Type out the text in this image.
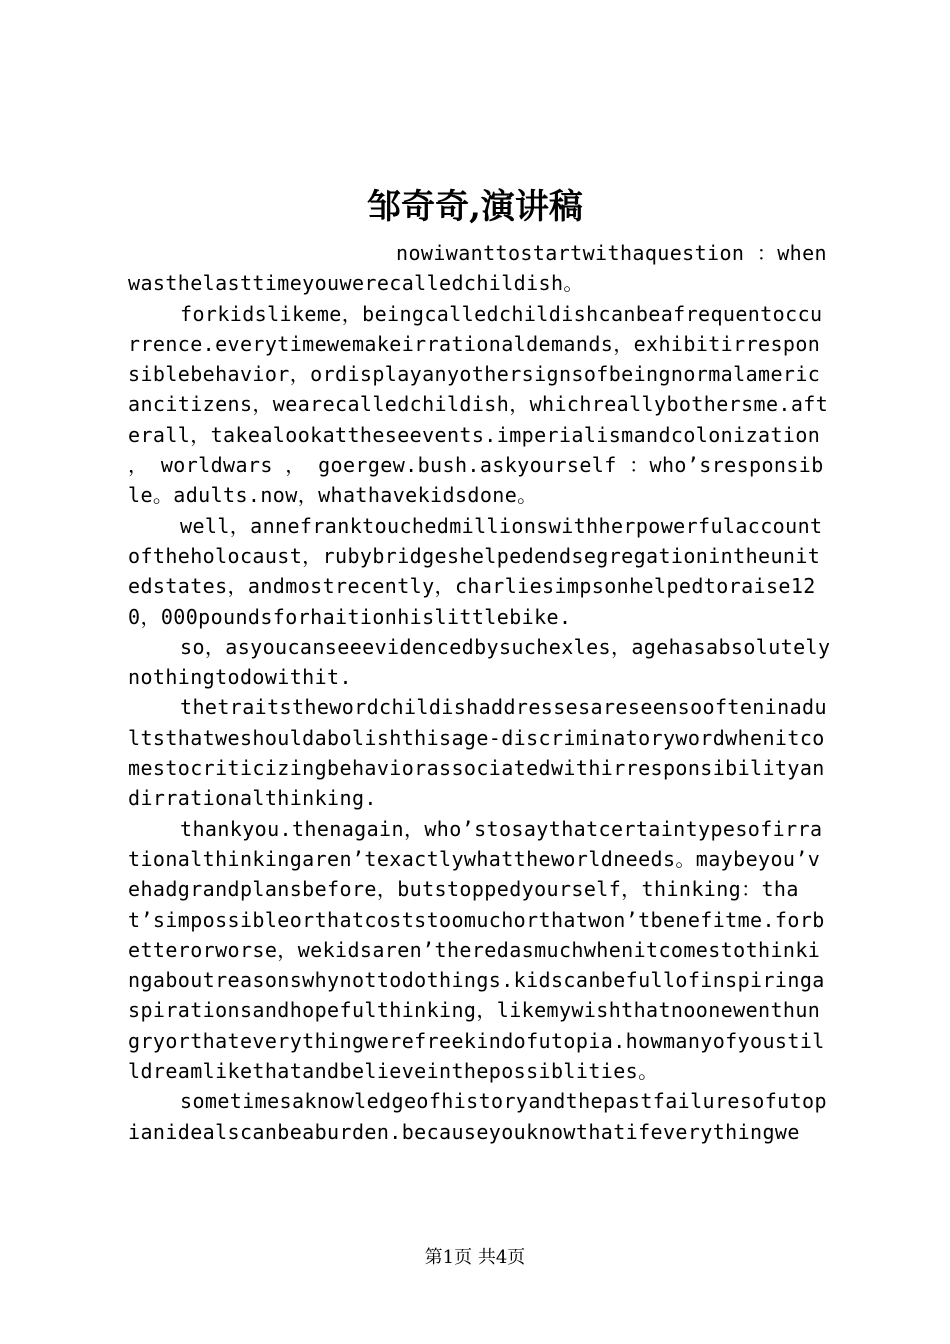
邹奇奇,演讲稿

nowiwanttostartwithaquestion ：whenwasthelasttimeyouwerecalledchildish。

forkidslikeme，beingcalledchildishcanbeafrequentoccurrence.everytimewemakeirrationaldemands，exhibitirresponsiblebehavior，ordisplayanyothersignsofbeingnormalamericancitizens，wearecalledchildish，whichreallybothersme.afterall，takealookattheseevents.imperialismandcolonization ， worldwars ， goergew.bush.askyourself ：who’sresponsible。adults.now，whathavekidsdone。

well，annefranktouchedmillionswithherpowerfulaccountoftheholocaust，rubybridgeshelpedendsegregationintheunitedstates，andmostrecently，charliesimpsonhelpedtoraise120，000poundsforhaitionhislittlebike.

so，asyoucanseeevidencedbysuchexles，agehasabsolutelynothingtodowithit.

thetraitsthewordchildishaddressesareseensoofteninadultsthatweshouldabolishthisage-discriminatorywordwhenitcomestocriticizingbehaviorassociatedwithirresponsibilityandirrationalthinking.

thankyou.thenagain，who’stosaythatcertaintypesofirrationalthinkingaren’texactlywhattheworldneeds。maybeyou’vehadgrandplansbefore，butstoppedyourself，thinking：that’simpossibleorthatcoststoomuchorthatwon’tbenefitme.forbetterorworse，wekidsaren’theredasmuchwhenitcomestothinkingaboutreasonswhynottodothings.kidscanbefullofinspiringaspirationsandhopefulthinking，likemywishthatnoonewenthungryorthateverythingwerefreekindofutopia.howmanyofyoustilldreamlikethatandbelieveinthepossiblities。

sometimesaknowledgeofhistoryandthepastfailuresofutopianidealscanbeaburden.becauseyouknowthatifeverythingwe

第1页 共4页
